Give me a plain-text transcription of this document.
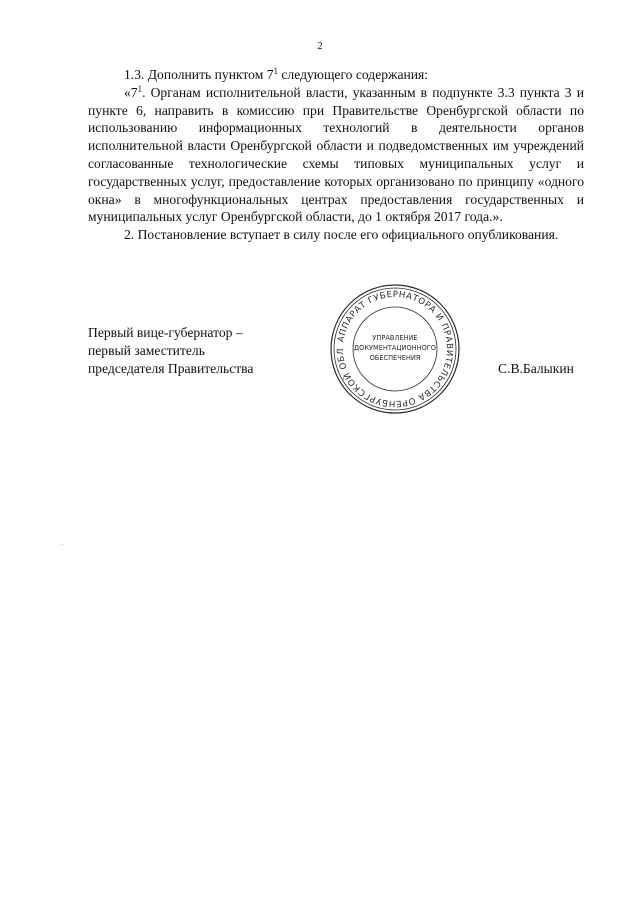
2

1.3. Дополнить пунктом $7^1$ следующего содержания:

«$7^1$. Органам исполнительной власти, указанным в подпункте 3.3 пункта 3 и пункте 6, направить в комиссию при Правительстве Оренбургской области по использованию информационных технологий в деятельности органов исполнительной власти Оренбургской области и подведомственных им учреждений согласованные технологические схемы типовых муниципальных услуг и государственных услуг, предоставление которых организовано по принципу «одного окна» в многофункциональных центрах предоставления государственных и муниципальных услуг Оренбургской области, до 1 октября 2017 года.».

2. Постановление вступает в силу после его официального опубликования.

Первый вице-губернатор –
первый заместитель
председателя Правительства
АППАРАТ ГУБЕРНАТОРА И ПРАВИТЕЛЬСТВА ОРЕНБУРГСКОЙ ОБЛ
УПРАВЛЕНИЕ
ДОКУМЕНТАЦИОННОГО
ОБЕСПЕЧЕНИЯ
С.В.Балыкин
